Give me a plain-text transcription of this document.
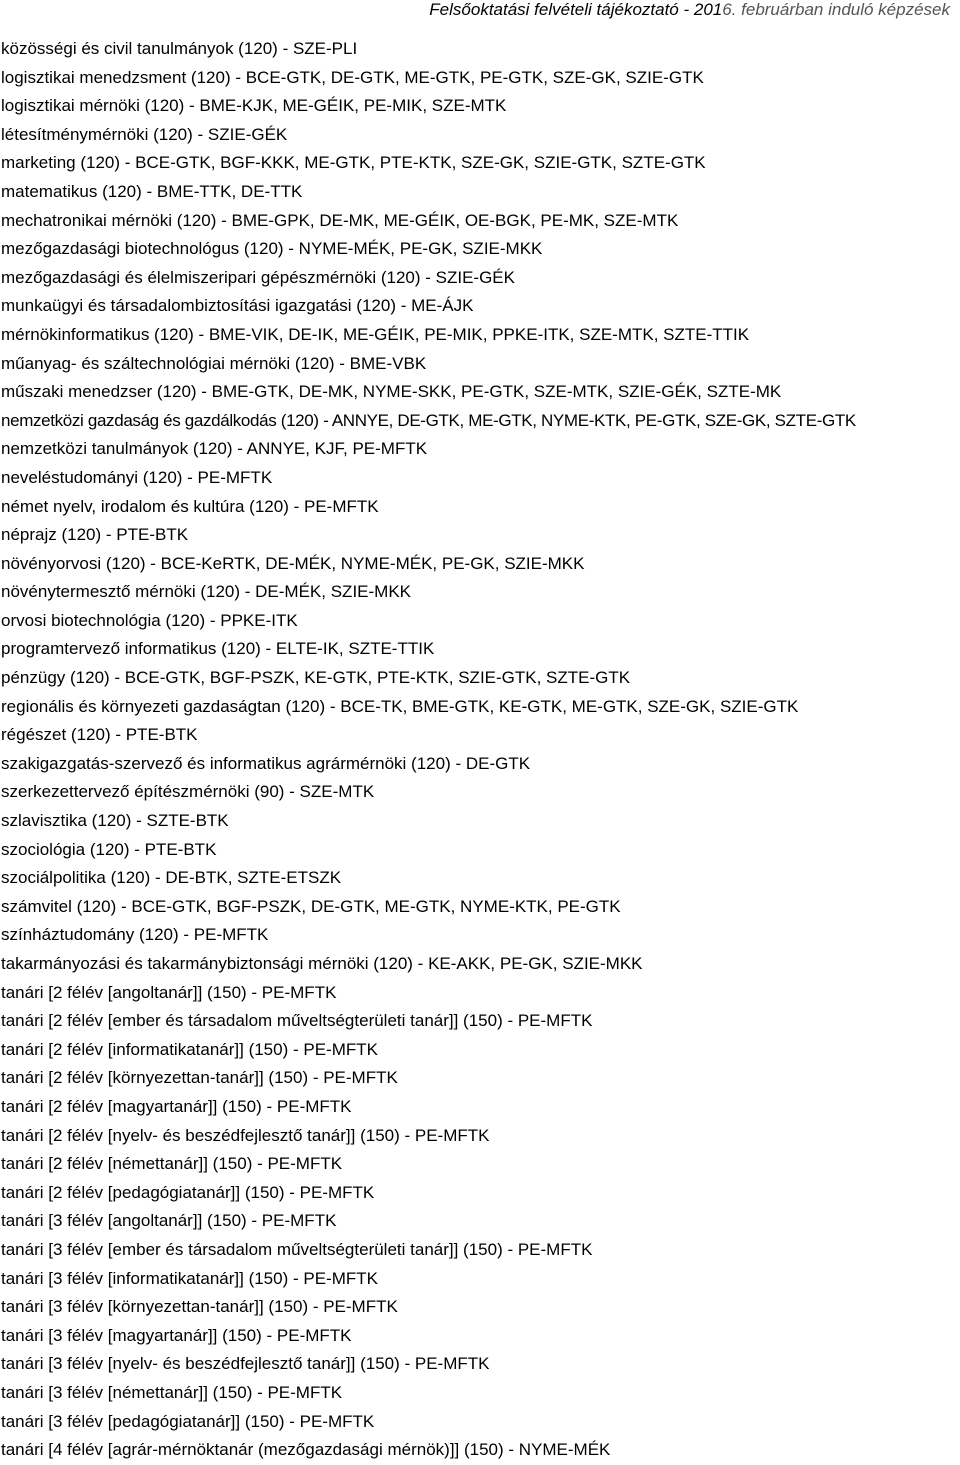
Felsőoktatási felvételi tájékoztató - 2016. februárban induló képzések
közösségi és civil tanulmányok (120) - SZE-PLI
logisztikai menedzsment (120) - BCE-GTK, DE-GTK, ME-GTK, PE-GTK, SZE-GK, SZIE-GTK
logisztikai mérnöki (120) - BME-KJK, ME-GÉIK, PE-MIK, SZE-MTK
létesítménymérnöki (120) - SZIE-GÉK
marketing (120) - BCE-GTK, BGF-KKK, ME-GTK, PTE-KTK, SZE-GK, SZIE-GTK, SZTE-GTK
matematikus (120) - BME-TTK, DE-TTK
mechatronikai mérnöki (120) - BME-GPK, DE-MK, ME-GÉIK, OE-BGK, PE-MK, SZE-MTK
mezőgazdasági biotechnológus (120) - NYME-MÉK, PE-GK, SZIE-MKK
mezőgazdasági és élelmiszeripari gépészmérnöki (120) - SZIE-GÉK
munkaügyi és társadalombiztosítási igazgatási (120) - ME-ÁJK
mérnökinformatikus (120) - BME-VIK, DE-IK, ME-GÉIK, PE-MIK, PPKE-ITK, SZE-MTK, SZTE-TTIK
műanyag- és száltechnológiai mérnöki (120) - BME-VBK
műszaki menedzser (120) - BME-GTK, DE-MK, NYME-SKK, PE-GTK, SZE-MTK, SZIE-GÉK, SZTE-MK
nemzetközi gazdaság és gazdálkodás (120) - ANNYE, DE-GTK, ME-GTK, NYME-KTK, PE-GTK, SZE-GK, SZTE-GTK
nemzetközi tanulmányok (120) - ANNYE, KJF, PE-MFTK
neveléstudományi (120) - PE-MFTK
német nyelv, irodalom és kultúra (120) - PE-MFTK
néprajz (120) - PTE-BTK
növényorvosi (120) - BCE-KeRTK, DE-MÉK, NYME-MÉK, PE-GK, SZIE-MKK
növénytermesztő mérnöki (120) - DE-MÉK, SZIE-MKK
orvosi biotechnológia (120) - PPKE-ITK
programtervező informatikus (120) - ELTE-IK, SZTE-TTIK
pénzügy (120) - BCE-GTK, BGF-PSZK, KE-GTK, PTE-KTK, SZIE-GTK, SZTE-GTK
regionális és környezeti gazdaságtan (120) - BCE-TK, BME-GTK, KE-GTK, ME-GTK, SZE-GK, SZIE-GTK
régészet (120) - PTE-BTK
szakigazgatás-szervező és informatikus agrármérnöki (120) - DE-GTK
szerkezettervező építészmérnöki (90) - SZE-MTK
szlavisztika (120) - SZTE-BTK
szociológia (120) - PTE-BTK
szociálpolitika (120) - DE-BTK, SZTE-ETSZK
számvitel (120) - BCE-GTK, BGF-PSZK, DE-GTK, ME-GTK, NYME-KTK, PE-GTK
színháztudomány (120) - PE-MFTK
takarmányozási és takarmánybiztonsági mérnöki (120) - KE-AKK, PE-GK, SZIE-MKK
tanári [2 félév [angoltanár]] (150) - PE-MFTK
tanári [2 félév [ember és társadalom műveltségterületi tanár]] (150) - PE-MFTK
tanári [2 félév [informatikatanár]] (150) - PE-MFTK
tanári [2 félév [környezettan-tanár]] (150) - PE-MFTK
tanári [2 félév [magyartanár]] (150) - PE-MFTK
tanári [2 félév [nyelv- és beszédfejlesztő tanár]] (150) - PE-MFTK
tanári [2 félév [némettanár]] (150) - PE-MFTK
tanári [2 félév [pedagógiatanár]] (150) - PE-MFTK
tanári [3 félév [angoltanár]] (150) - PE-MFTK
tanári [3 félév [ember és társadalom műveltségterületi tanár]] (150) - PE-MFTK
tanári [3 félév [informatikatanár]] (150) - PE-MFTK
tanári [3 félév [környezettan-tanár]] (150) - PE-MFTK
tanári [3 félév [magyartanár]] (150) - PE-MFTK
tanári [3 félév [nyelv- és beszédfejlesztő tanár]] (150) - PE-MFTK
tanári [3 félév [némettanár]] (150) - PE-MFTK
tanári [3 félév [pedagógiatanár]] (150) - PE-MFTK
tanári [4 félév [agrár-mérnöktanár (mezőgazdasági mérnök)]] (150) - NYME-MÉK
